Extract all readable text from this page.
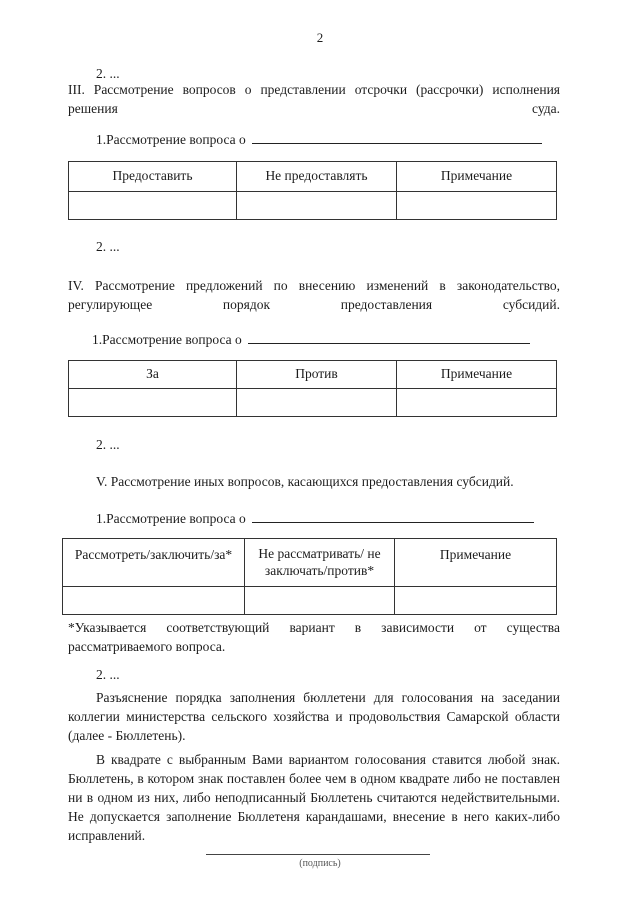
2
2. ...

III. Рассмотрение вопросов о представлении отсрочки (рассрочки) исполнения решения суда.

1.Рассмотрение вопроса о
Предоставить	Не предоставлять	Примечание

2. ...

IV. Рассмотрение предложений по внесению изменений в законодательство, регулирующее порядок предоставления субсидий.

1.Рассмотрение вопроса о
За	Против	Примечание

2. ...

V. Рассмотрение иных вопросов, касающихся предоставления субсидий.

1.Рассмотрение вопроса о
Рассмотреть/заключить/за*	Не рассматривать/ не заключать/против*	Примечание

*Указывается соответствующий вариант в зависимости от существа рассматриваемого вопроса.

2. ...

Разъяснение порядка заполнения бюллетени для голосования на заседании коллегии министерства сельского хозяйства и продовольствия Самарской области (далее - Бюллетень).

В квадрате с выбранным Вами вариантом голосования ставится любой знак. Бюллетень, в котором знак поставлен более чем в одном квадрате либо не поставлен ни в одном из них, либо неподписанный Бюллетень считаются недействительными. Не допускается заполнение Бюллетеня карандашами, внесение в него каких-либо исправлений.

(подпись)
